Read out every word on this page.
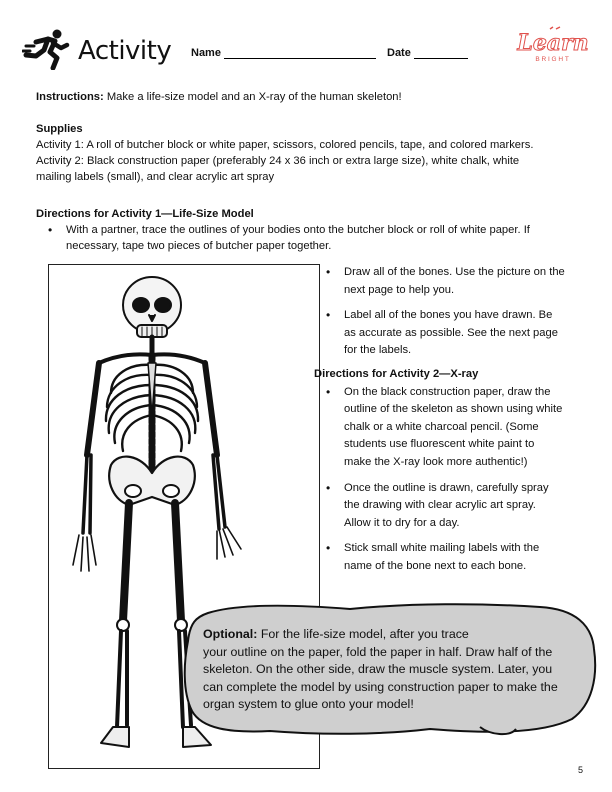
Activity Name	Date	Learn
BRIGHT
Instructions: Make a life-size model and an X-ray of the human skeleton!

Supplies

Activity 1: A roll of butcher block or white paper, scissors, colored pencils, tape, and colored markers.

Activity 2: Black construction paper (preferably 24 x 36 inch or extra large size), white chalk, white

mailing labels (small), and clear acrylic art spray

Directions for Activity 1—Life-Size Model

• With a partner, trace the outlines of your bodies onto the butcher block or roll of white paper. If

necessary, tape two pieces of butcher paper together.

• Draw all of the bones. Use the picture on the

next page to help you.

• Label all of the bones you have drawn. Be

as accurate as possible. See the next page

for the labels.

Directions for Activity 2—X-ray

• On the black construction paper, draw the

outline of the skeleton as shown using white

chalk or a white charcoal pencil. (Some

students use fluorescent white paint to

make the X-ray look more authentic!)

• Once the outline is drawn, carefully spray

the drawing with clear acrylic art spray.

Allow it to dry for a day.

• Stick small white mailing labels with the

name of the bone next to each bone.

Optional: For the life-size model, after you trace

your outline on the paper, fold the paper in half. Draw half of the

skeleton. On the other side, draw the muscle system. Later, you

can complete the model by using construction paper to make the

organ system to glue onto your model!

5
